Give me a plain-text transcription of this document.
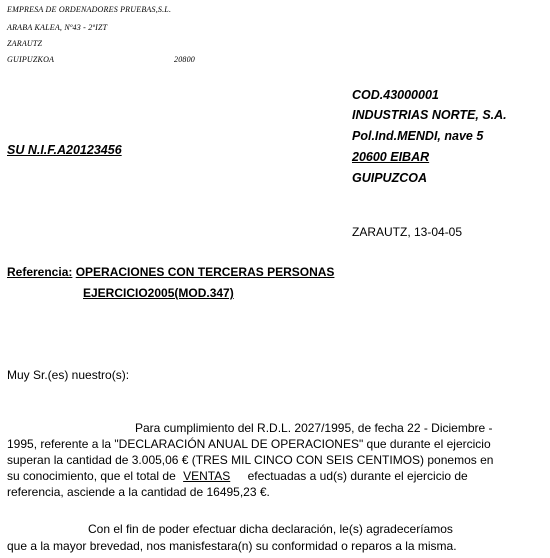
EMPRESA DE ORDENADORES PRUEBAS,S.L.
ARABA KALEA, Nº43 - 2ºIZT
ZARAUTZ
GUIPUZKOA	20800
COD.43000001
INDUSTRIAS NORTE, S.A.
Pol.Ind.MENDI, nave 5
20600 EIBAR
GUIPUZCOA
SU N.I.F.A20123456
ZARAUTZ, 13-04-05
Referencia: OPERACIONES CON TERCERAS PERSONAS
EJERCICIO2005(MOD.347)
Muy Sr.(es) nuestro(s):
Para cumplimiento del R.D.L. 2027/1995, de fecha 22 - Diciembre -
1995, referente a la "DECLARACIÓN ANUAL DE OPERACIONES" que durante el ejercicio
superan la cantidad de 3.005,06 € (TRES MIL CINCO CON SEIS CENTIMOS) ponemos en
su conocimiento, que el total de VENTAS efectuadas a ud(s) durante el ejercicio de
referencia, asciende a la cantidad de 16495,23 €.
Con el fin de poder efectuar dicha declaración, le(s) agradeceríamos
que a la mayor brevedad, nos manisfestara(n) su conformidad o reparos a la misma.
